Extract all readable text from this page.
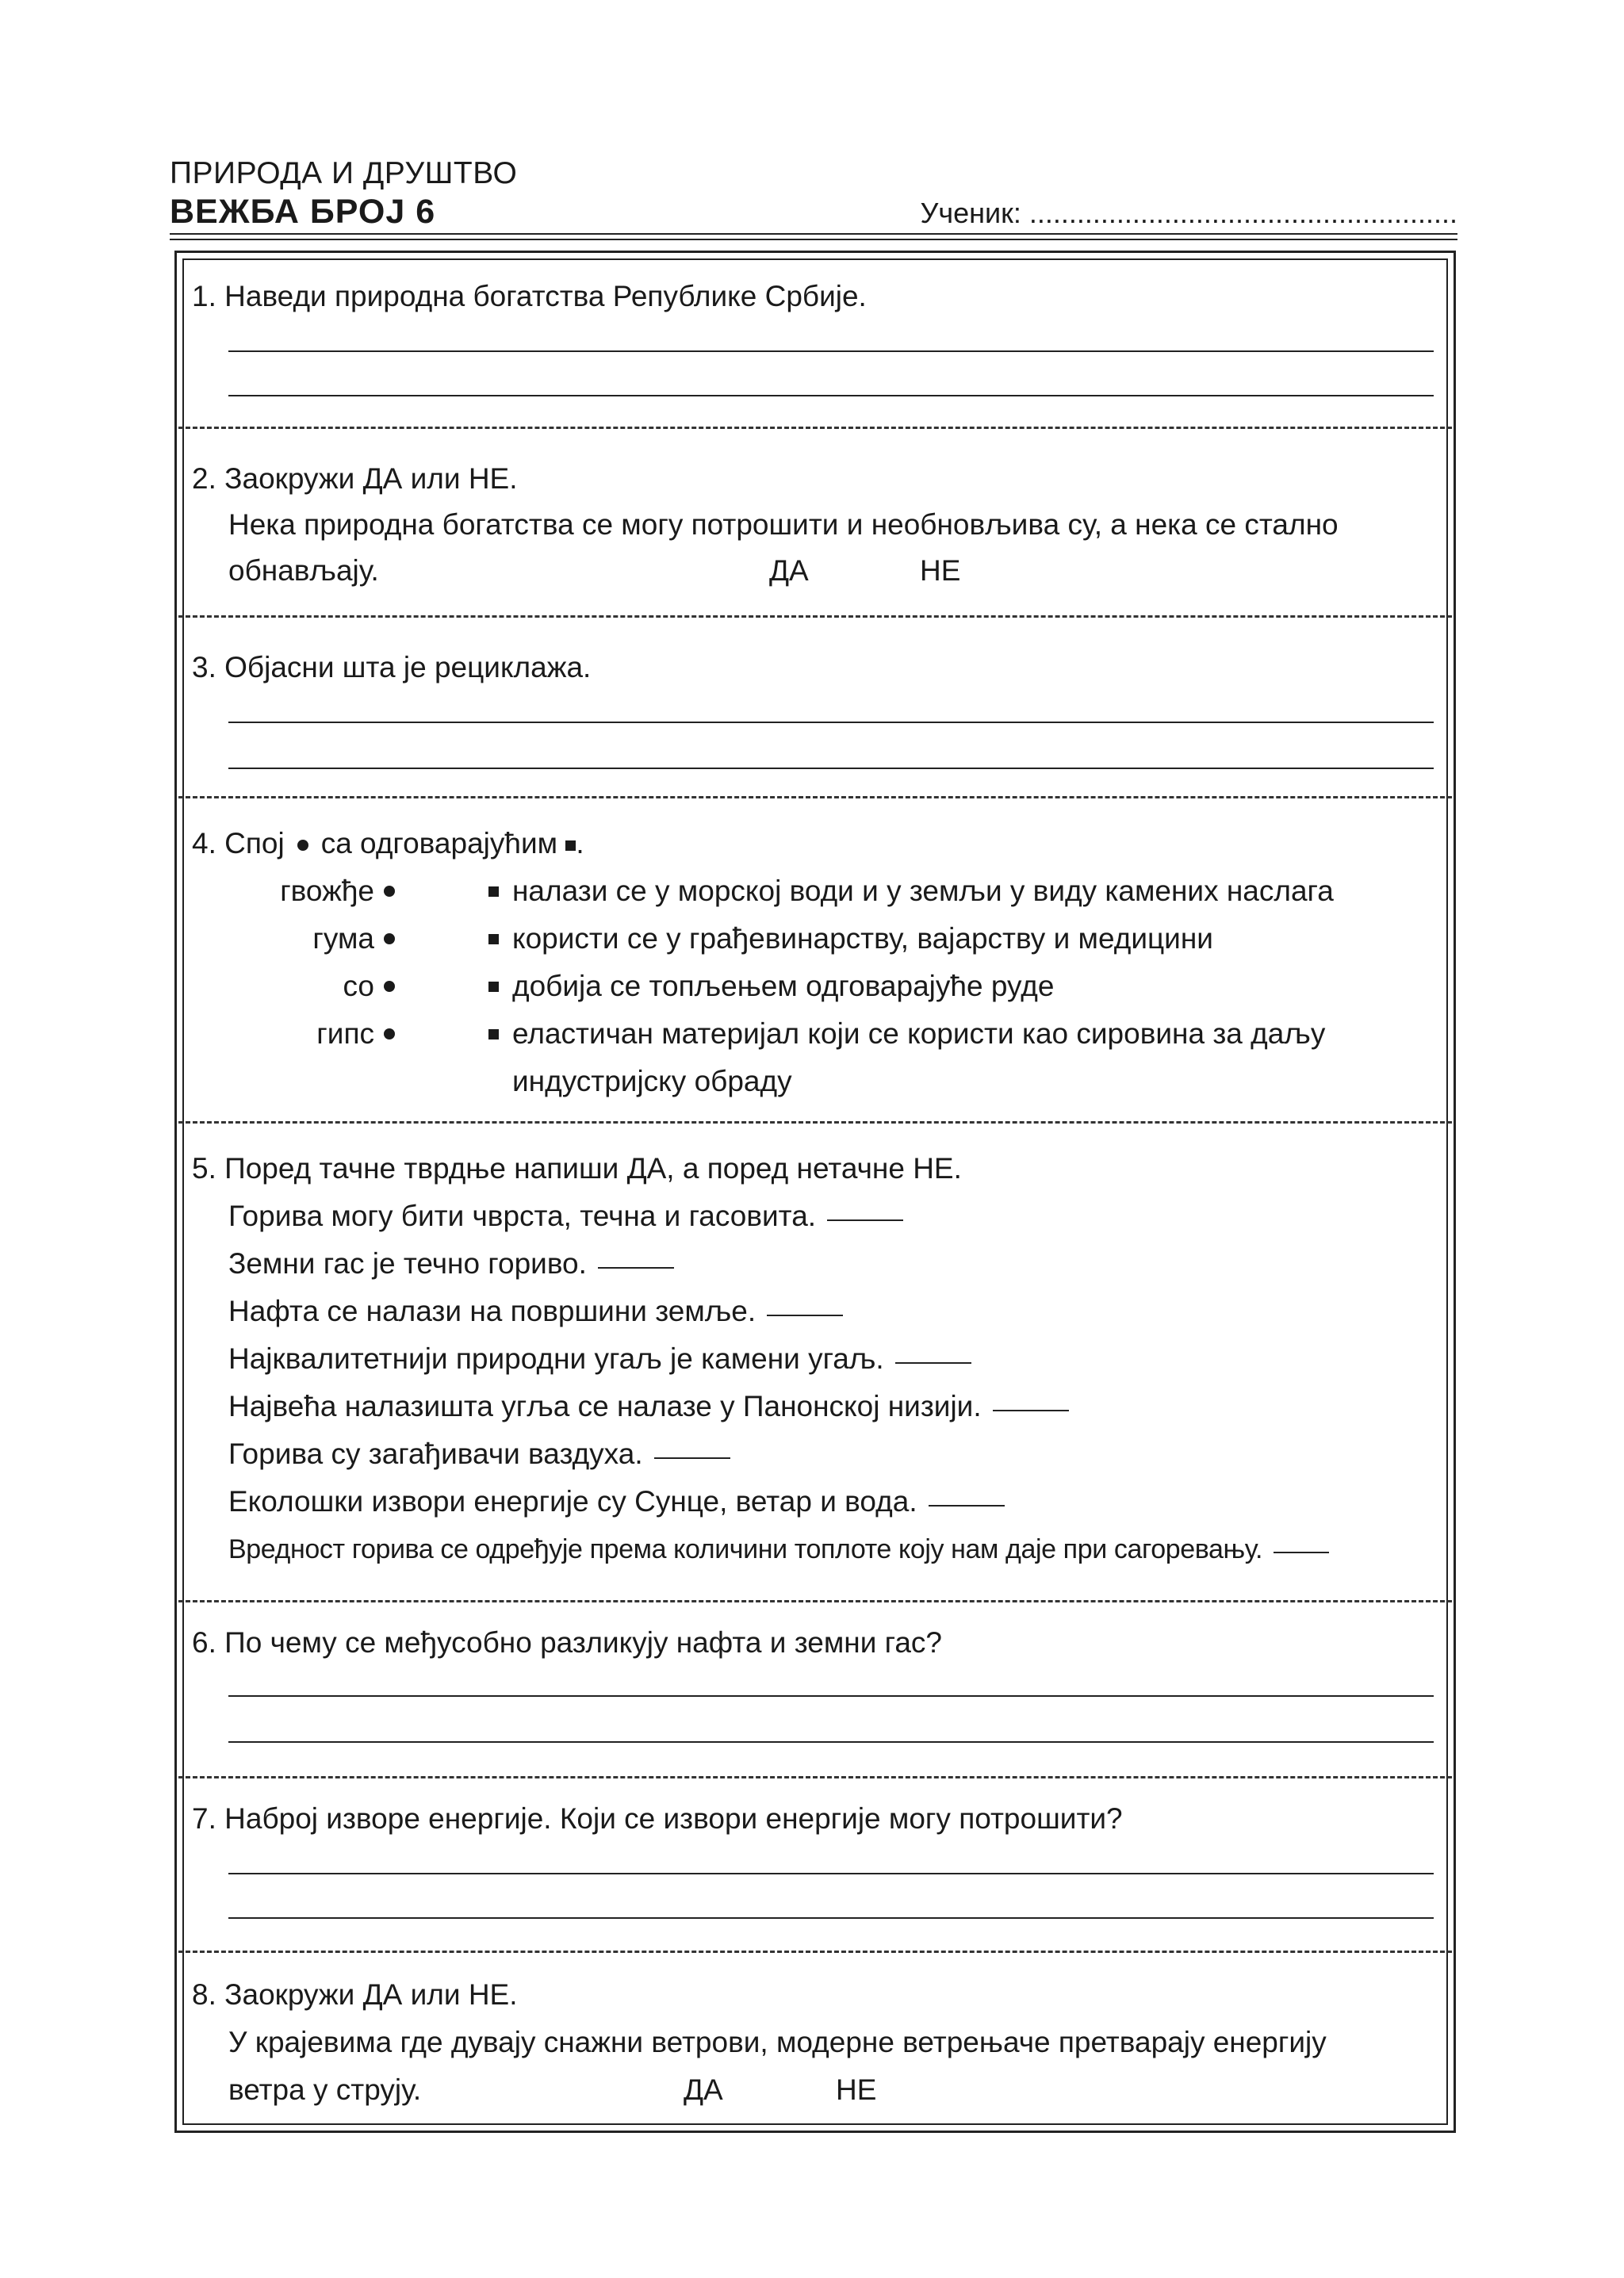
ПРИРОДА И ДРУШТВО
ВЕЖБА БРОЈ 6	Ученик: ......................................................
1. Наведи природна богатства Републике Србије.
2. Заокружи ДА или НЕ.
Нека природна богатства се могу потрошити и необновљива су, а нека се стално
обнављају.	ДА	НЕ
3. Објасни шта је рециклажа.
4. Спој са одговарајућим .
гвожђе	налази се у морској води и у земљи у виду камених наслага
гума	користи се у грађевинарству, вајарству и медицини
со	добија се топљењем одговарајуће руде
гипс	еластичан материјал који се користи као сировина за даљу
индустријску обраду
5. Поред тачне тврдње напиши ДА, а поред нетачне НЕ.
Горива могу бити чврста, течна и гасовита.
Земни гас је течно гориво.
Нафта се налази на површини земље.
Најквалитетнији природни угаљ је камени угаљ.
Највећа налазишта угља се налазе у Панонској низији.
Горива су загађивачи ваздуха.
Еколошки извори енергије су Сунце, ветар и вода.
Вредност горива се одређује према количини топлоте коју нам даје при сагоревању.
6. По чему се међусобно разликују нафта и земни гас?
7. Наброј изворе енергије. Који се извори енергије могу потрошити?
8. Заокружи ДА или НЕ.
У крајевима где дувају снажни ветрови, модерне ветрењаче претварају енергију
ветра у струју.	ДА	НЕ
